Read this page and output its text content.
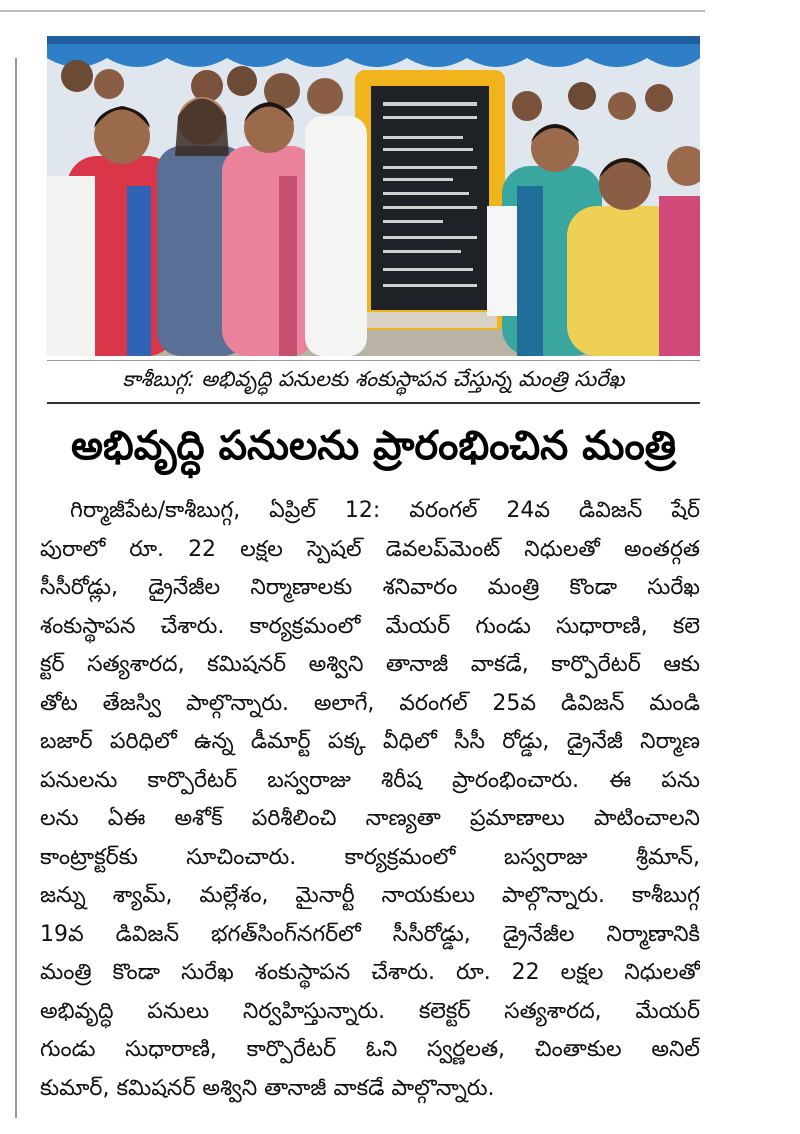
కాశీబుగ్గ: అభివృద్ధి పనులకు శంకుస్థాపన చేస్తున్న మంత్రి సురేఖ
అభివృద్ధి పనులను ప్రారంభించిన మంత్రి
గిర్మాజీపేట/కాశీబుగ్గ, ఏప్రిల్ 12: వరంగల్ 24వ డివిజన్ షేర్
పురాలో రూ. 22 లక్షల స్పెషల్ డెవలప్‌మెంట్ నిధులతో అంతర్గత
సీసీరోడ్లు, డ్రైనేజీల నిర్మాణాలకు శనివారం మంత్రి కొండా సురేఖ
శంకుస్థాపన చేశారు. కార్యక్రమంలో మేయర్ గుండు సుధారాణి, కలె
క్టర్ సత్యశారద, కమిషనర్ అశ్విని తానాజీ వాకడే, కార్పొరేటర్ ఆకు
తోట తేజస్వి పాల్గొన్నారు. అలాగే, వరంగల్ 25వ డివిజన్ మండి
బజార్ పరిధిలో ఉన్న డీమార్ట్ పక్క వీధిలో సీసీ రోడ్డు, డ్రైనేజీ నిర్మాణ
పనులను కార్పొరేటర్ బస్వరాజు శిరీష ప్రారంభించారు. ఈ పను
లను ఏఈ అశోక్ పరిశీలించి నాణ్యతా ప్రమాణాలు పాటించాలని
కాంట్రాక్టర్‌కు సూచించారు. కార్యక్రమంలో బస్వరాజు శ్రీమాన్,
జన్ను శ్యామ్, మల్లేశం, మైనార్టీ నాయకులు పాల్గొన్నారు. కాశీబుగ్గ
19వ డివిజన్ భగత్‌సింగ్‌నగర్‌లో సీసీరోడ్డు, డ్రైనేజీల నిర్మాణానికి
మంత్రి కొండా సురేఖ శంకుస్థాపన చేశారు. రూ. 22 లక్షల నిధులతో
అభివృద్ధి పనులు నిర్వహిస్తున్నారు. కలెక్టర్ సత్యశారద, మేయర్
గుండు సుధారాణి, కార్పొరేటర్ ఓని స్వర్ణలత, చింతాకుల అనిల్
కుమార్, కమిషనర్ అశ్విని తానాజీ వాకడే పాల్గొన్నారు.
